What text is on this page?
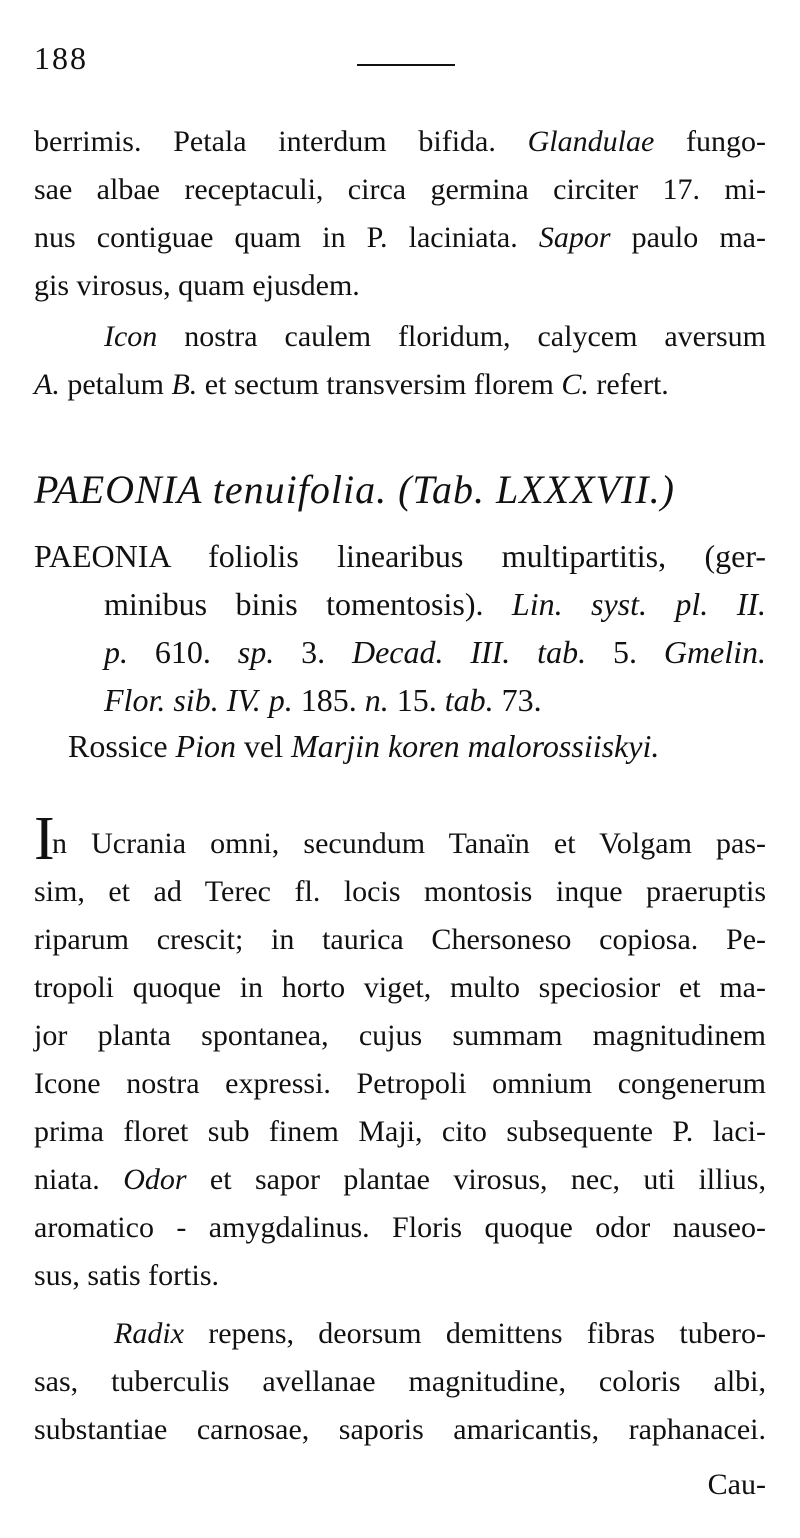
188
berrimis. Petala interdum bifida. Glandulae fungo-
sae albae receptaculi, circa germina circiter 17. mi-
nus contiguae quam in P. laciniata. Sapor paulo ma-
gis virosus, quam ejusdem.
Icon nostra caulem floridum, calycem aversum
A. petalum B. et sectum transversim florem C. refert.
PAEONIA tenuifolia. (Tab. LXXXVII.)
PAEONIA foliolis linearibus multipartitis, (ger-
minibus binis tomentosis). Lin. syst. pl. II.
p. 610. sp. 3. Decad. III. tab. 5. Gmelin.
Flor. sib. IV. p. 185. n. 15. tab. 73.
Rossice Pion vel Marjin koren malorossiiskyi.
I
n Ucrania omni, secundum Tanaïn et Volgam pas-
sim, et ad Terec fl. locis montosis inque praeruptis
riparum crescit; in taurica Chersoneso copiosa. Pe-
tropoli quoque in horto viget, multo speciosior et ma-
jor planta spontanea, cujus summam magnitudinem
Icone nostra expressi. Petropoli omnium congenerum
prima floret sub finem Maji, cito subsequente P. laci-
niata. Odor et sapor plantae virosus, nec, uti illius,
aromatico - amygdalinus. Floris quoque odor nauseo-
sus, satis fortis.
Radix repens, deorsum demittens fibras tubero-
sas, tuberculis avellanae magnitudine, coloris albi,
substantiae carnosae, saporis amaricantis, raphanacei.
Cau-
